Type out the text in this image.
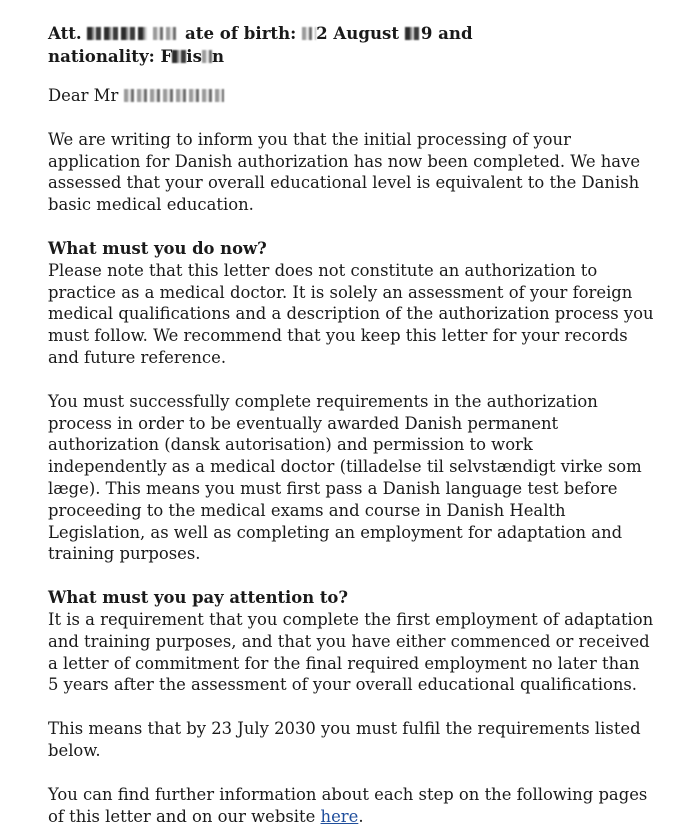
Att.	ate of birth: 2 August 9 and

nationality: F is n

Dear Mr

We are writing to inform you that the initial processing of your application for Danish authorization has now been completed. We have assessed that your overall educational level is equivalent to the Danish basic medical education.

What must you do now?

Please note that this letter does not constitute an authorization to practice as a medical doctor. It is solely an assessment of your foreign medical qualifications and a description of the authorization process you must follow. We recommend that you keep this letter for your records and future reference.

You must successfully complete requirements in the authorization process in order to be eventually awarded Danish permanent authorization (dansk autorisation) and permission to work independently as a medical doctor (tilladelse til selvstændigt virke som læge). This means you must first pass a Danish language test before proceeding to the medical exams and course in Danish Health Legislation, as well as completing an employment for adaptation and training purposes.

What must you pay attention to?

It is a requirement that you complete the first employment of adaptation and training purposes, and that you have either commenced or received a letter of commitment for the final required employment no later than 5 years after the assessment of your overall educational qualifications.

This means that by 23 July 2030 you must fulfil the requirements listed below.

You can find further information about each step on the following pages of this letter and on our website here.
